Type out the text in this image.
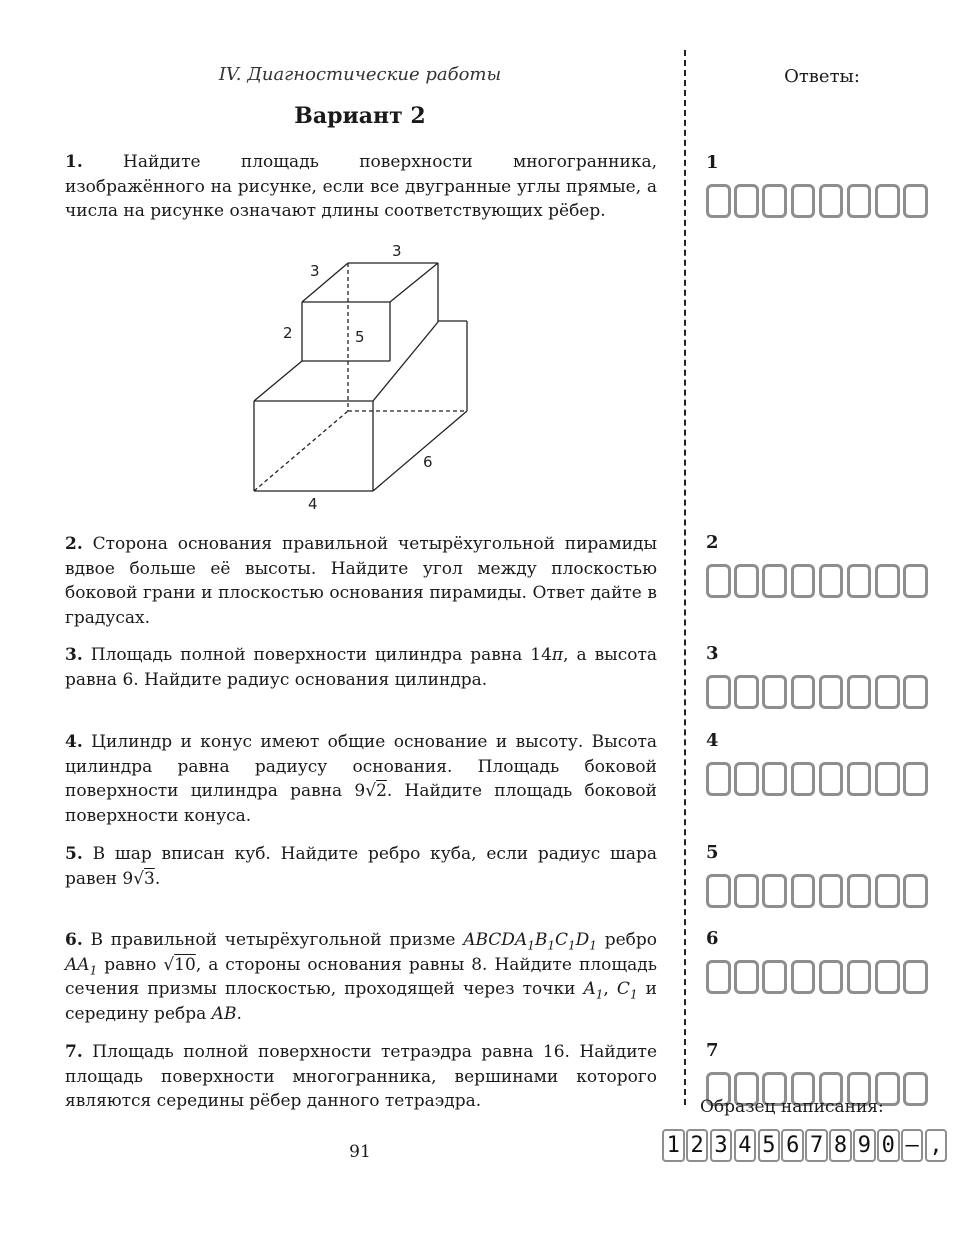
IV. Диагностические работы
Вариант 2
Ответы:
1. Найдите площадь поверхности многогранника, изображённого на рисунке, если все двугранные углы прямые, а числа на рисунке означают длины соответствующих рёбер.
3
3
2	5
6
4
2. Сторона основания правильной четырёхугольной пирамиды вдвое больше её высоты. Найдите угол между плоскостью боковой грани и плоскостью основания пирамиды. Ответ дайте в градусах.
3. Площадь полной поверхности цилиндра равна 14π, а высота равна 6. Найдите радиус основания цилиндра.
4. Цилиндр и конус имеют общие основание и высоту. Высота цилиндра равна радиусу основания. Площадь боковой поверхности цилиндра равна 9√2. Найдите площадь боковой поверхности конуса.
5. В шар вписан куб. Найдите ребро куба, если радиус шара равен 9√3.
6. В правильной четырёхугольной призме $ABCDA_1B_1C_1D_1$ ребро $AA_1$ равно √10, а стороны основания равны 8. Найдите площадь сечения призмы плоскостью, проходящей через точки $A_1$, $C_1$ и середину ребра AB.
7. Площадь полной поверхности тетраэдра равна 16. Найдите площадь поверхности многогранника, вершинами которого являются середины рёбер данного тетраэдра.
1
2
3
4
5
6
7
Образец написания:
1 2 3 4 5 6 7 8 9 0 – ,
91
